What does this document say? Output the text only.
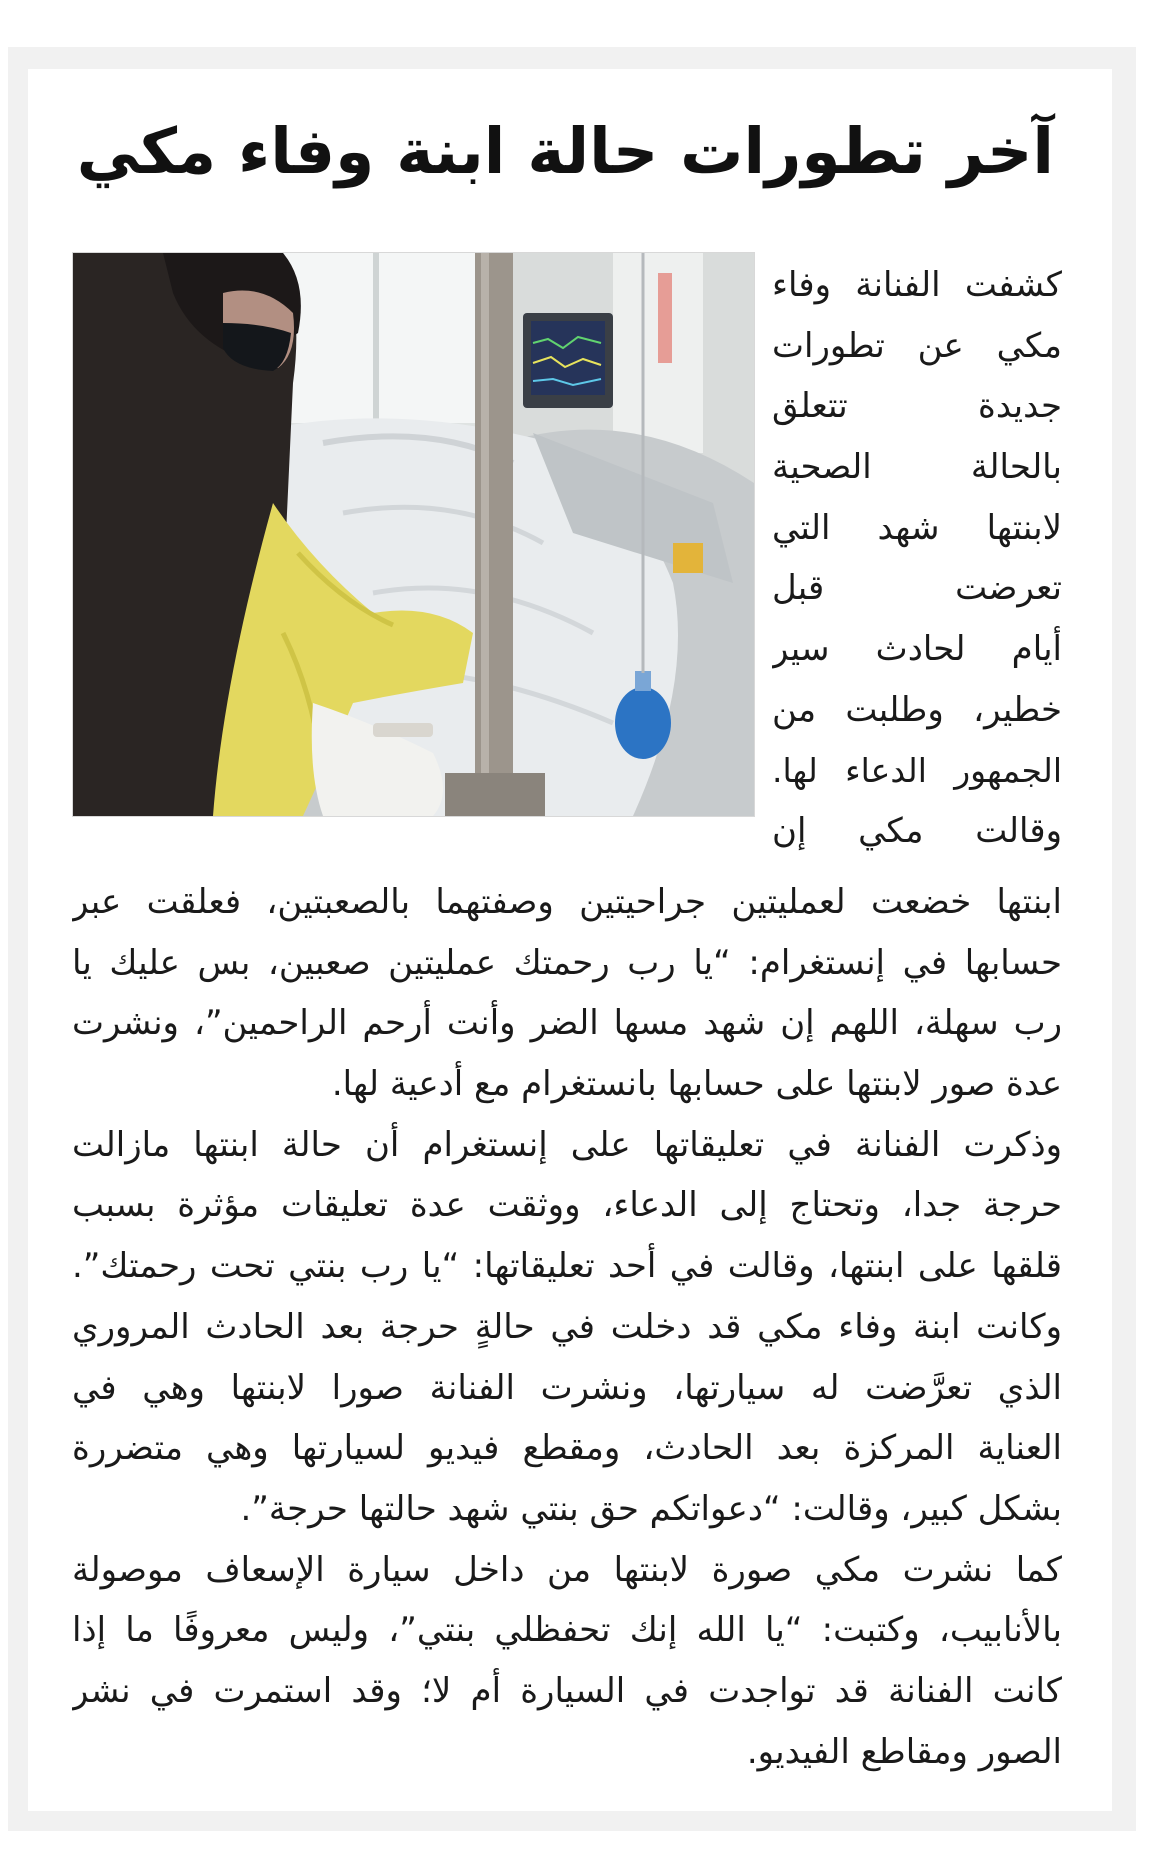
آخر تطورات حالة ابنة وفاء مكي
كشفت الفنانة وفاء
مكي عن تطورات
جديدة تتعلق
بالحالة الصحية
لابنتها شهد التي
تعرضت قبل
أيام لحادث سير
خطير، وطلبت من
الجمهور الدعاء لها.
وقالت مكي إن
ابنتها خضعت لعمليتين جراحيتين وصفتهما بالصعبتين، فعلقت عبر
حسابها في إنستغرام: “يا رب رحمتك عمليتين صعبين، بس عليك يا
رب سهلة، اللهم إن شهد مسها الضر وأنت أرحم الراحمين”، ونشرت
عدة صور لابنتها على حسابها بانستغرام مع أدعية لها.
وذكرت الفنانة في تعليقاتها على إنستغرام أن حالة ابنتها مازالت
حرجة جدا، وتحتاج إلى الدعاء، ووثقت عدة تعليقات مؤثرة بسبب
قلقها على ابنتها، وقالت في أحد تعليقاتها: “يا رب بنتي تحت رحمتك”.
وكانت ابنة وفاء مكي قد دخلت في حالةٍ حرجة بعد الحادث المروري
الذي تعرَّضت له سيارتها، ونشرت الفنانة صورا لابنتها وهي في
العناية المركزة بعد الحادث، ومقطع فيديو لسيارتها وهي متضررة
بشكل كبير، وقالت: “دعواتكم حق بنتي شهد حالتها حرجة”.
كما نشرت مكي صورة لابنتها من داخل سيارة الإسعاف موصولة
بالأنابيب، وكتبت: “يا الله إنك تحفظلي بنتي”، وليس معروفًا ما إذا
كانت الفنانة قد تواجدت في السيارة أم لا؛ وقد استمرت في نشر
الصور ومقاطع الفيديو.
